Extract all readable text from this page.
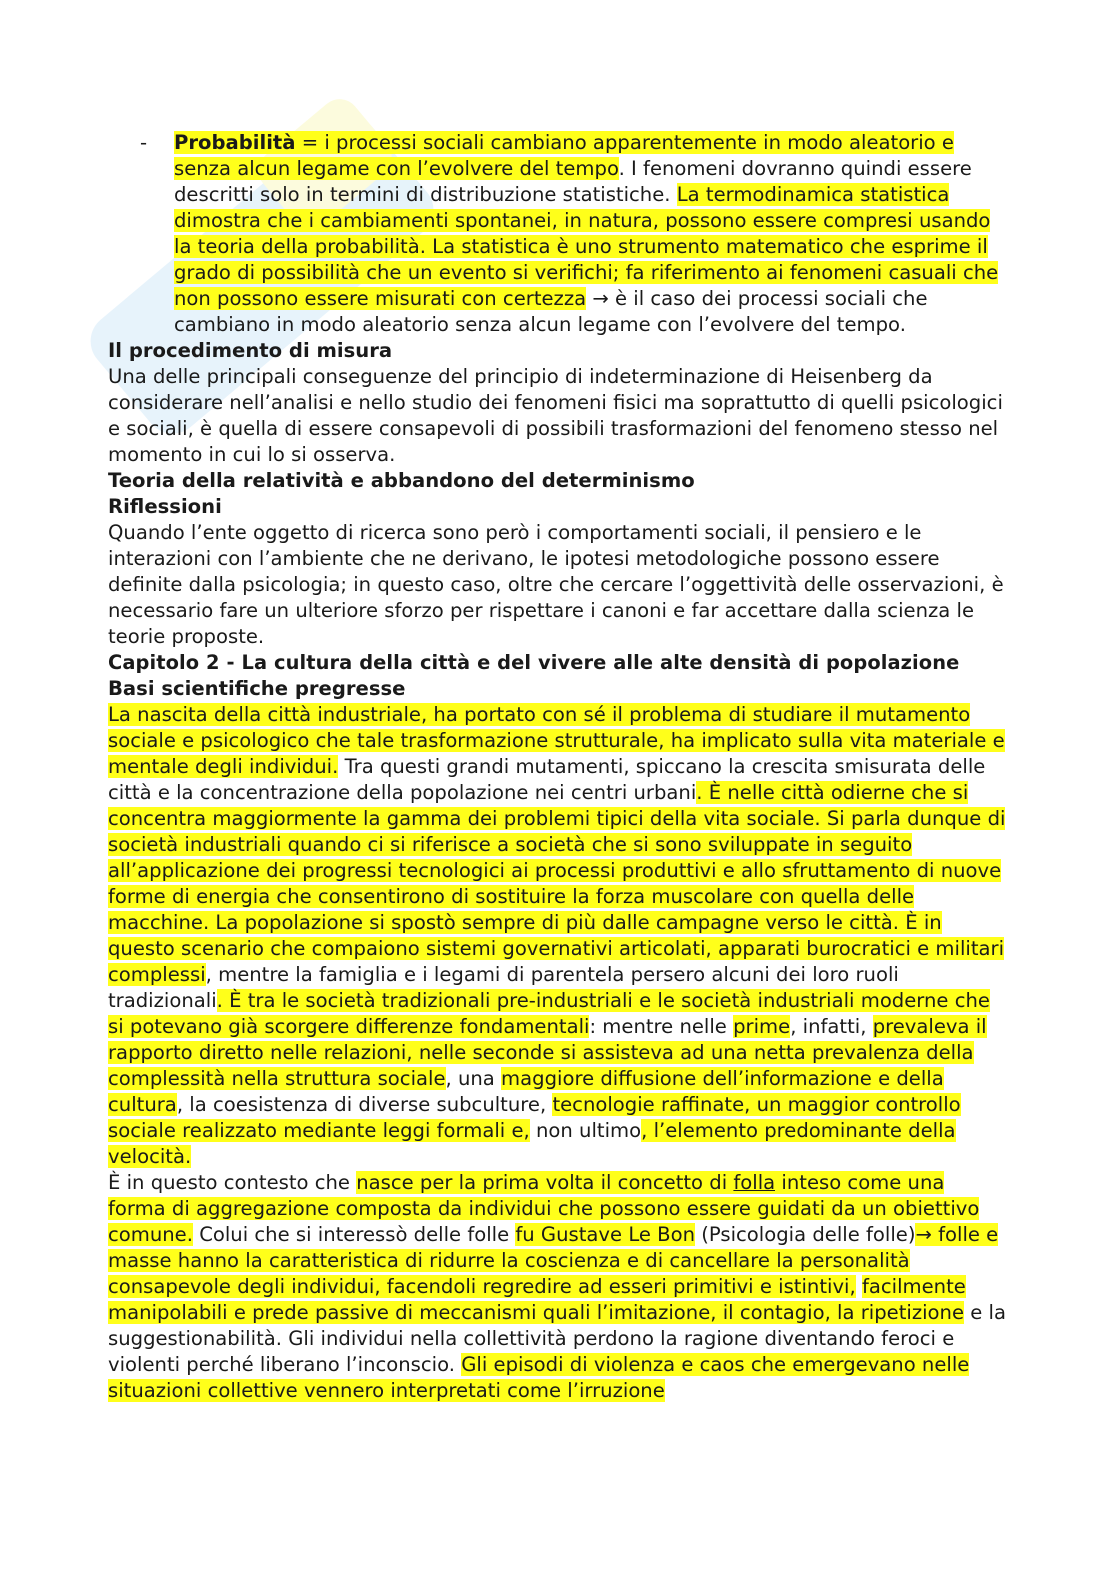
- Probabilità = i processi sociali cambiano apparentemente in modo aleatorio e senza alcun legame con l’evolvere del tempo. I fenomeni dovranno quindi essere descritti solo in termini di distribuzione statistiche. La termodinamica statistica dimostra che i cambiamenti spontanei, in natura, possono essere compresi usando la teoria della probabilità. La statistica è uno strumento matematico che esprime il grado di possibilità che un evento si verifichi; fa riferimento ai fenomeni casuali che non possono essere misurati con certezza → è il caso dei processi sociali che cambiano in modo aleatorio senza alcun legame con l’evolvere del tempo.

Il procedimento di misura

Una delle principali conseguenze del principio di indeterminazione di Heisenberg da considerare nell’analisi e nello studio dei fenomeni fisici ma soprattutto di quelli psicologici e sociali, è quella di essere consapevoli di possibili trasformazioni del fenomeno stesso nel momento in cui lo si osserva.

Teoria della relatività e abbandono del determinismo

Riflessioni

Quando l’ente oggetto di ricerca sono però i comportamenti sociali, il pensiero e le interazioni con l’ambiente che ne derivano, le ipotesi metodologiche possono essere definite dalla psicologia; in questo caso, oltre che cercare l’oggettività delle osservazioni, è necessario fare un ulteriore sforzo per rispettare i canoni e far accettare dalla scienza le teorie proposte.

Capitolo 2 - La cultura della città e del vivere alle alte densità di popolazione

Basi scientifiche pregresse

La nascita della città industriale, ha portato con sé il problema di studiare il mutamento sociale e psicologico che tale trasformazione strutturale, ha implicato sulla vita materiale e mentale degli individui. Tra questi grandi mutamenti, spiccano la crescita smisurata delle città e la concentrazione della popolazione nei centri urbani. È nelle città odierne che si concentra maggiormente la gamma dei problemi tipici della vita sociale. Si parla dunque di società industriali quando ci si riferisce a società che si sono sviluppate in seguito all’applicazione dei progressi tecnologici ai processi produttivi e allo sfruttamento di nuove forme di energia che consentirono di sostituire la forza muscolare con quella delle macchine. La popolazione si spostò sempre di più dalle campagne verso le città. È in questo scenario che compaiono sistemi governativi articolati, apparati burocratici e militari complessi, mentre la famiglia e i legami di parentela persero alcuni dei loro ruoli tradizionali. È tra le società tradizionali pre-industriali e le società industriali moderne che si potevano già scorgere differenze fondamentali: mentre nelle prime, infatti, prevaleva il rapporto diretto nelle relazioni, nelle seconde si assisteva ad una netta prevalenza della complessità nella struttura sociale, una maggiore diffusione dell’informazione e della cultura, la coesistenza di diverse subculture, tecnologie raffinate, un maggior controllo sociale realizzato mediante leggi formali e, non ultimo, l’elemento predominante della velocità.

È in questo contesto che nasce per la prima volta il concetto di folla inteso come una forma di aggregazione composta da individui che possono essere guidati da un obiettivo comune. Colui che si interessò delle folle fu Gustave Le Bon (Psicologia delle folle)→ folle e masse hanno la caratteristica di ridurre la coscienza e di cancellare la personalità consapevole degli individui, facendoli regredire ad esseri primitivi e istintivi, facilmente manipolabili e prede passive di meccanismi quali l’imitazione, il contagio, la ripetizione e la suggestionabilità. Gli individui nella collettività perdono la ragione diventando feroci e violenti perché liberano l’inconscio. Gli episodi di violenza e caos che emergevano nelle situazioni collettive vennero interpretati come l’irruzione
